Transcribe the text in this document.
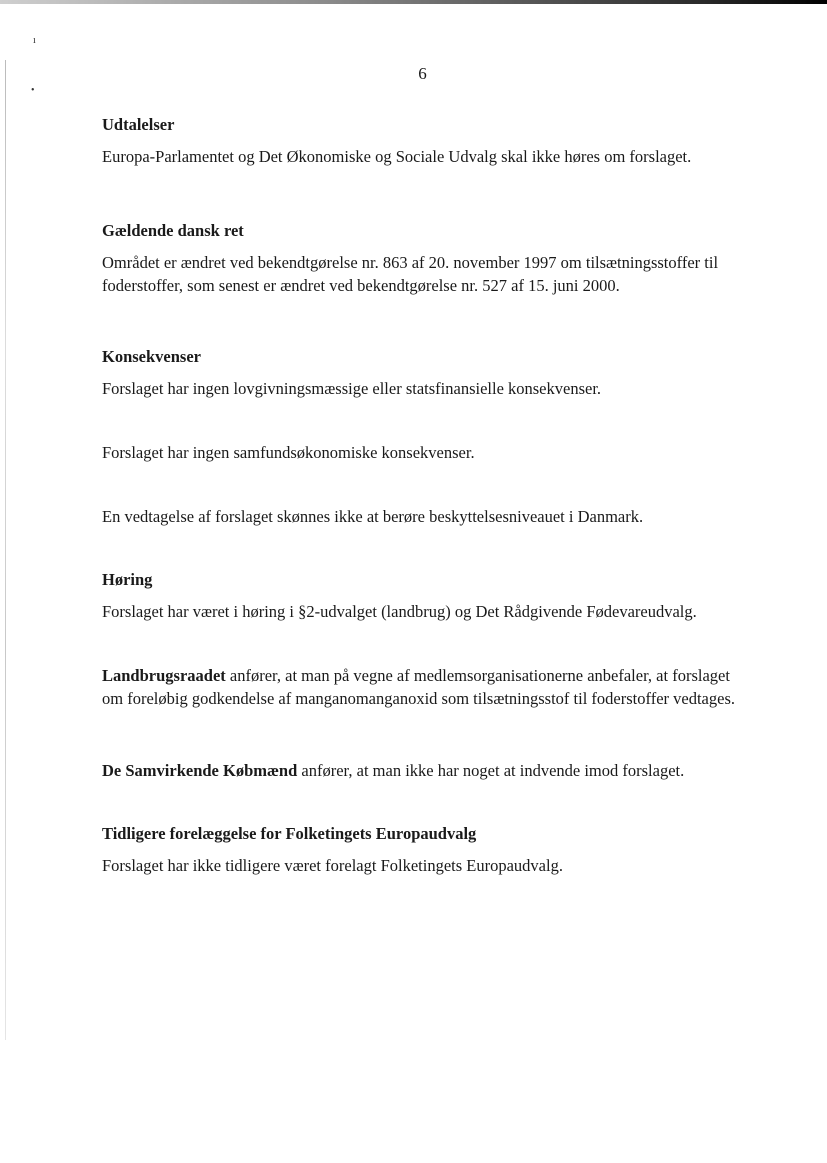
ı
•
6
Udtalelser

Europa-Parlamentet og Det Økonomiske og Sociale Udvalg skal ikke høres om forslaget.

Gældende dansk ret

Området er ændret ved bekendtgørelse nr. 863 af 20. november 1997 om tilsætningsstoffer til foderstoffer, som senest er ændret ved bekendtgørelse nr. 527 af 15. juni 2000.

Konsekvenser

Forslaget har ingen lovgivningsmæssige eller statsfinansielle konsekvenser.

Forslaget har ingen samfundsøkonomiske konsekvenser.

En vedtagelse af forslaget skønnes ikke at berøre beskyttelsesniveauet i Danmark.

Høring

Forslaget har været i høring i §2-udvalget (landbrug) og Det Rådgivende Fødevareudvalg.

Landbrugsraadet anfører, at man på vegne af medlemsorganisationerne anbefaler, at forslaget om foreløbig godkendelse af manganomanganoxid som tilsætningsstof til foderstoffer vedtages.

De Samvirkende Købmænd anfører, at man ikke har noget at indvende imod forslaget.

Tidligere forelæggelse for Folketingets Europaudvalg

Forslaget har ikke tidligere været forelagt Folketingets Europaudvalg.
